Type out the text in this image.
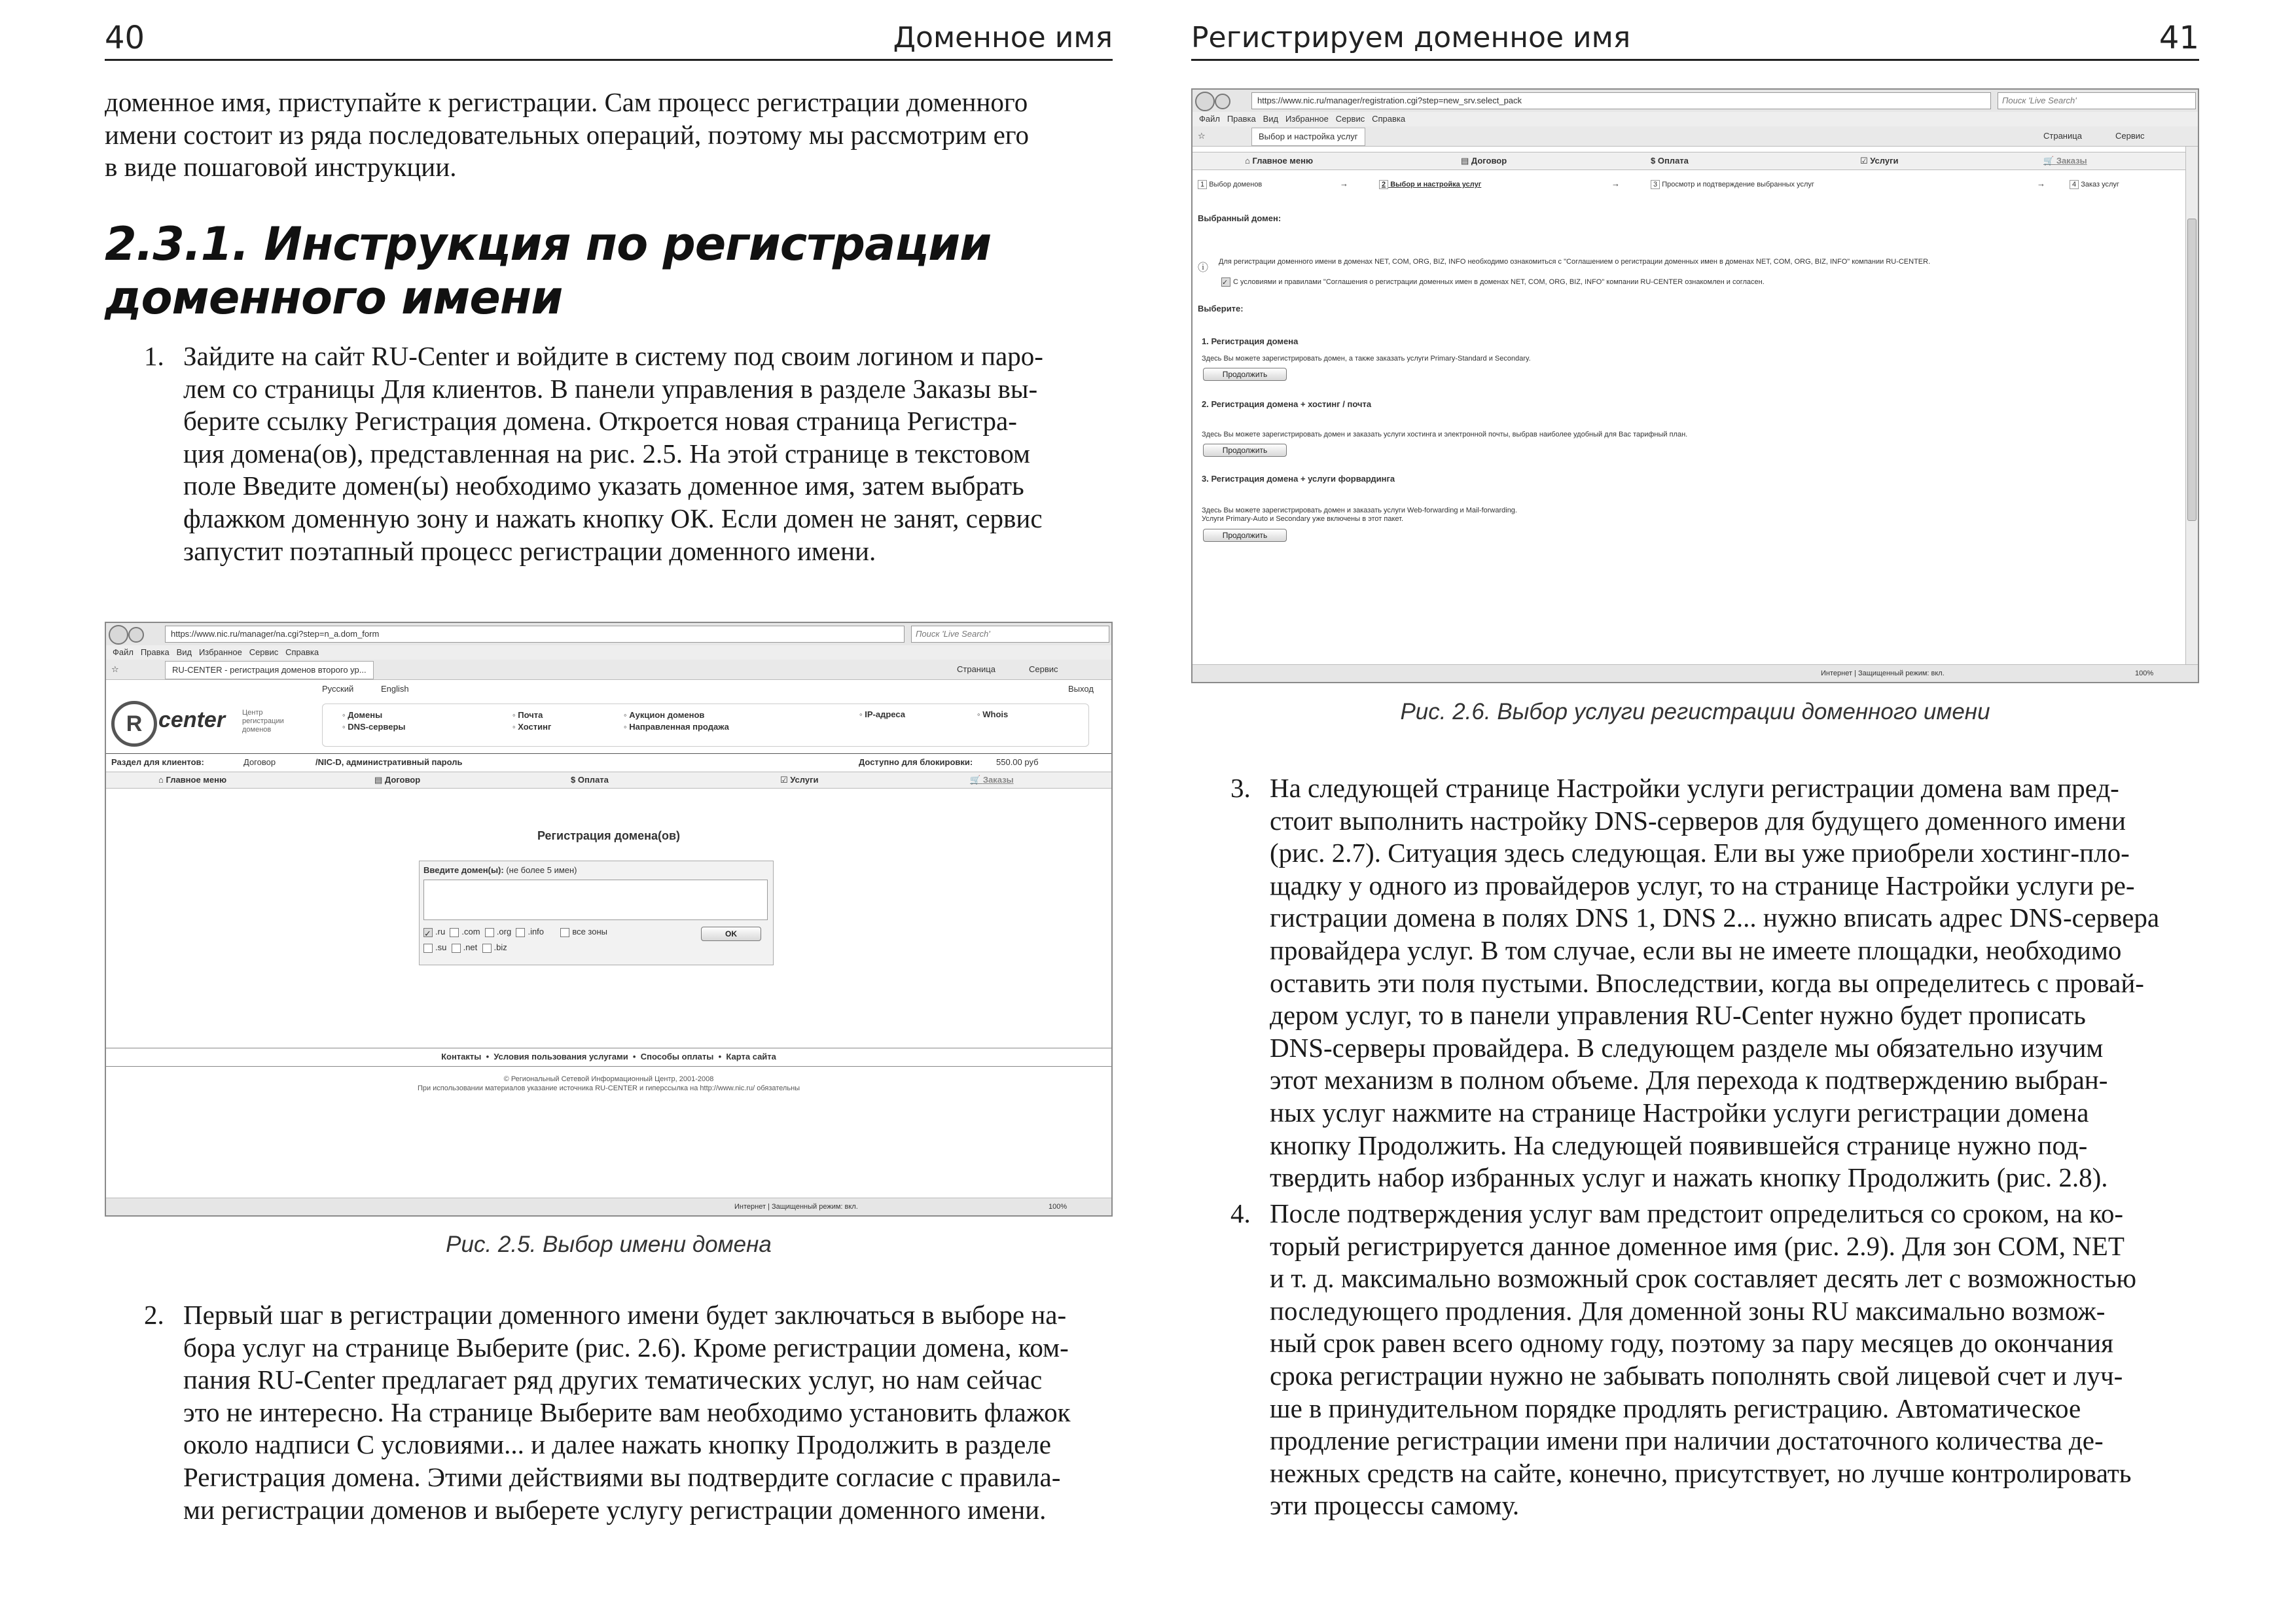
40	Доменное имя
доменное имя, приступайте к регистрации. Сам процесс регистрации доменного
имени состоит из ряда последовательных операций, поэтому мы рассмотрим его
в виде пошаговой инструкции.
2.3.1. Инструкция по регистрации
доменного имени
1. Зайдите на сайт RU-Center и войдите в систему под своим логином и паро-
лем со страницы Для клиентов. В панели управления в разделе Заказы вы-
берите ссылку Регистрация домена. Откроется новая страница Регистра-
ция домена(ов), представленная на рис. 2.5. На этой странице в текстовом
поле Введите домен(ы) необходимо указать доменное имя, затем выбрать
флажком доменную зону и нажать кнопку ОК. Если домен не занят, сервис
запустит поэтапный процесс регистрации доменного имени.
https://www.nic.ru/manager/na.cgi?step=n_a.dom_form	Поиск 'Live Search'
Файл Правка Вид Избранное Сервис Справка
☆	RU-CENTER - регистрация доменов второго ур...	Страница	Сервис
Русский	English	Выход
R center Центр
регистрации
доменов
◦ Домены
◦ DNS-серверы
◦ Почта
◦ Хостинг
◦ Аукцион доменов
◦ Направленная продажа
◦ IP-адреса	◦ Whois
Раздел для клиентов:	Договор	/NIC-D, административный пароль	Доступно для блокировки:	550.00 руб
⌂ Главное меню	▤ Договор	$ Оплата	☑ Услуги	🛒 Заказы
Регистрация домена(ов)
Введите домен(ы): (не более 5 имен)
✓ .ru .com .org .info	все зоны
.su .net .biz
OK
Контакты  •  Условия пользования услугами  •  Способы оплаты  •  Карта сайта
© Региональный Сетевой Информационный Центр, 2001-2008
При использовании материалов указание источника RU-CENTER и гиперссылка на http://www.nic.ru/ обязательны
Интернет | Защищенный режим: вкл.	100%
Рис. 2.5. Выбор имени домена
2. Первый шаг в регистрации доменного имени будет заключаться в выборе на-
бора услуг на странице Выберите (рис. 2.6). Кроме регистрации домена, ком-
пания RU-Center предлагает ряд других тематических услуг, но нам сейчас
это не интересно. На странице Выберите вам необходимо установить флажок
около надписи С условиями... и далее нажать кнопку Продолжить в разделе
Регистрация домена. Этими действиями вы подтвердите согласие с правила-
ми регистрации доменов и выберете услугу регистрации доменного имени.
Регистрируем доменное имя	41
https://www.nic.ru/manager/registration.cgi?step=new_srv.select_pack	Поиск 'Live Search'
Файл Правка Вид Избранное Сервис Справка
☆	Выбор и настройка услуг	Страница	Сервис
⌂ Главное меню	▤ Договор	$ Оплата	☑ Услуги	🛒 Заказы
1 Выбор доменов	→	2 Выбор и настройка услуг	→	3 Просмотр и подтверждение выбранных услуг	→	4 Заказ услуг
Выбранный домен:
ⓘ
Для регистрации доменного имени в доменах NET, COM, ORG, BIZ, INFO необходимо ознакомиться с "Соглашением о регистрации доменных имен в доменах NET, COM, ORG, BIZ, INFO" компании RU-CENTER.
✓ С условиями и правилами "Соглашения о регистрации доменных имен в доменах NET, COM, ORG, BIZ, INFO" компании RU-CENTER ознакомлен и согласен.
Выберите:
1. Регистрация домена
Здесь Вы можете зарегистрировать домен, а также заказать услуги Primary-Standard и Secondary.
Продолжить
2. Регистрация домена + хостинг / почта
Здесь Вы можете зарегистрировать домен и заказать услуги хостинга и электронной почты, выбрав наиболее удобный для Вас тарифный план.
Продолжить
3. Регистрация домена + услуги форвардинга
Здесь Вы можете зарегистрировать домен и заказать услуги Web-forwarding и Mail-forwarding.
Услуги Primary-Auto и Secondary уже включены в этот пакет.
Продолжить
Интернет | Защищенный режим: вкл.	100%
Рис. 2.6. Выбор услуги регистрации доменного имени
3. На следующей странице Настройки услуги регистрации домена вам пред-
стоит выполнить настройку DNS-серверов для будущего доменного имени
(рис. 2.7). Ситуация здесь следующая. Ели вы уже приобрели хостинг-пло-
щадку у одного из провайдеров услуг, то на странице Настройки услуги ре-
гистрации домена в полях DNS 1, DNS 2... нужно вписать адрес DNS-сервера
провайдера услуг. В том случае, если вы не имеете площадки, необходимо
оставить эти поля пустыми. Впоследствии, когда вы определитесь с провай-
дером услуг, то в панели управления RU-Center нужно будет прописать
DNS-серверы провайдера. В следующем разделе мы обязательно изучим
этот механизм в полном объеме. Для перехода к подтверждению выбран-
ных услуг нажмите на странице Настройки услуги регистрации домена
кнопку Продолжить. На следующей появившейся странице нужно под-
твердить набор избранных услуг и нажать кнопку Продолжить (рис. 2.8).
4. После подтверждения услуг вам предстоит определиться со сроком, на ко-
торый регистрируется данное доменное имя (рис. 2.9). Для зон COM, NET
и т. д. максимально возможный срок составляет десять лет с возможностью
последующего продления. Для доменной зоны RU максимально возмож-
ный срок равен всего одному году, поэтому за пару месяцев до окончания
срока регистрации нужно не забывать пополнять свой лицевой счет и луч-
ше в принудительном порядке продлять регистрацию. Автоматическое
продление регистрации имени при наличии достаточного количества де-
нежных средств на сайте, конечно, присутствует, но лучше контролировать
эти процессы самому.
